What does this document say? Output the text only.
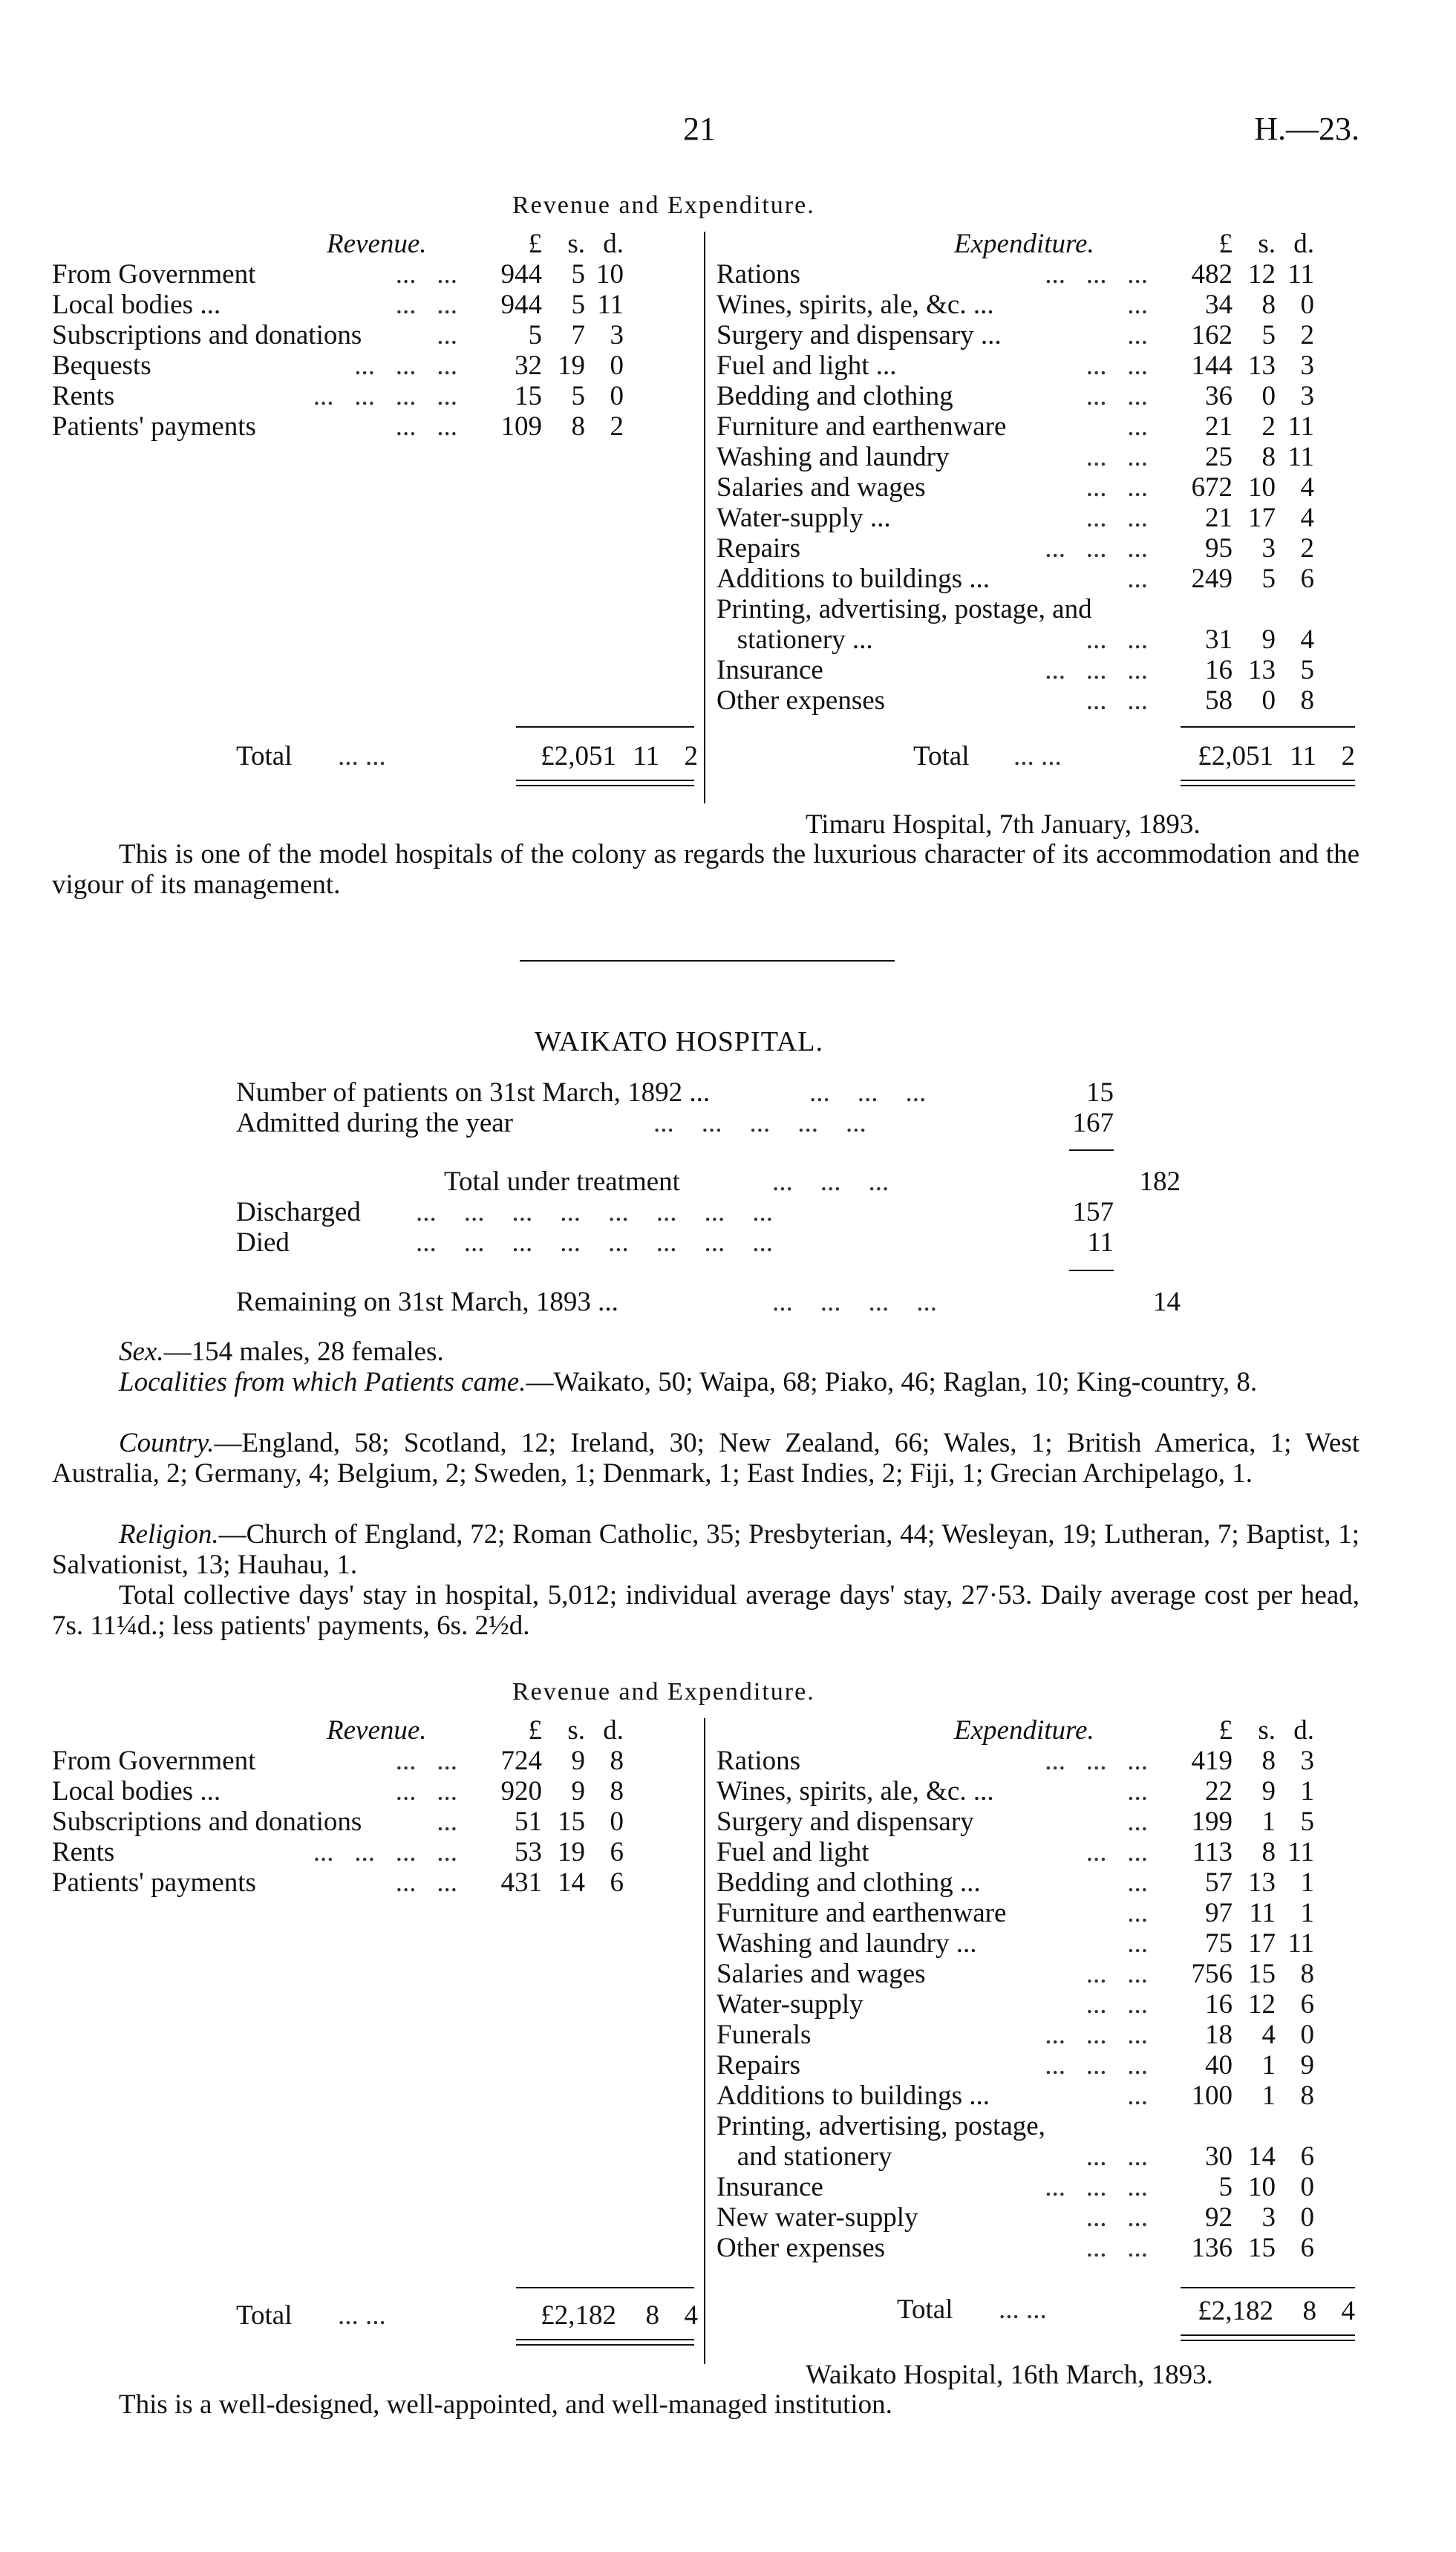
21	H.—23.
Revenue and Expenditure.
Revenue.
		£	s.	d.
From Government ...   ...	944	5	10
Local bodies ... ...   ...	944	5	11
Subscriptions and donations ...	5	7	3
Bequests ...   ...   ...	32	19	0
Rents ...   ...   ...   ...	15	5	0
Patients' payments ...   ...	109	8	2
Expenditure.
		£	s.	d.
Rations ...   ...   ...	482	12	11
Wines, spirits, ale, &c. ... ...	34	8	0
Surgery and dispensary ... ...	162	5	2
Fuel and light ... ...   ...	144	13	3
Bedding and clothing ...   ...	36	0	3
Furniture and earthenware ...	21	2	11
Washing and laundry ...   ...	25	8	11
Salaries and wages ...   ...	672	10	4
Water-supply ... ...   ...	21	17	4
Repairs ...   ...   ...	95	3	2
Additions to buildings ... ...	249	5	6
Printing, advertising, postage, and

stationery ... ...   ...	31	9	4
Insurance ...   ...   ...	16	13	5
Other expenses ...   ...	58	0	8
Total ... ...	£2,051 11 2	Total ... ...	£2,051 11 2
Timaru Hospital, 7th January, 1893.
This is one of the model hospitals of the colony as regards the luxurious character of its accommodation and the vigour of its management.
WAIKATO HOSPITAL.
Number of patients on 31st March, 1892 ...	...    ...    ...	15
Admitted during the year	...    ...    ...    ...    ...	167
Total under treatment	...    ...    ...	182
Discharged ...    ...    ...    ...    ...    ...    ...    ...	157
Died	...    ...    ...    ...    ...    ...    ...    ...	11
Remaining on 31st March, 1893 ...	...    ...    ...    ...	14
Sex.—154 males, 28 females.
Localities from which Patients came.—Waikato, 50; Waipa, 68; Piako, 46; Raglan, 10; King-country, 8.
Country.—England, 58; Scotland, 12; Ireland, 30; New Zealand, 66; Wales, 1; British America, 1; West Australia, 2; Germany, 4; Belgium, 2; Sweden, 1; Denmark, 1; East Indies, 2; Fiji, 1; Grecian Archipelago, 1.
Religion.—Church of England, 72; Roman Catholic, 35; Presbyterian, 44; Wesleyan, 19; Lutheran, 7; Baptist, 1; Salvationist, 13; Hauhau, 1.
Total collective days' stay in hospital, 5,012; individual average days' stay, 27·53. Daily average cost per head, 7s. 11¼d.; less patients' payments, 6s. 2½d.
Revenue and Expenditure.
Revenue.
		£	s.	d.
From Government ...   ...	724	9	8
Local bodies ... ...   ...	920	9	8
Subscriptions and donations ...	51	15	0
Rents ...   ...   ...   ...	53	19	6
Patients' payments ...   ...	431	14	6
Expenditure.
		£	s.	d.
Rations ...   ...   ...	419	8	3
Wines, spirits, ale, &c. ... ...	22	9	1
Surgery and dispensary ...	199	1	5
Fuel and light ...   ...	113	8	11
Bedding and clothing ... ...	57	13	1
Furniture and earthenware ...	97	11	1
Washing and laundry ... ...	75	17	11
Salaries and wages ...   ...	756	15	8
Water-supply ...   ...	16	12	6
Funerals ...   ...   ...	18	4	0
Repairs ...   ...   ...	40	1	9
Additions to buildings ... ...	100	1	8
Printing, advertising, postage,

and stationery ...   ...	30	14	6
Insurance ...   ...   ...	5	10	0
New water-supply ...   ...	92	3	0
Other expenses ...   ...	136	15	6
Total ... ...	£2,182 8 4	Total ... ...	£2,182 8 4
Waikato Hospital, 16th March, 1893.
This is a well-designed, well-appointed, and well-managed institution.
